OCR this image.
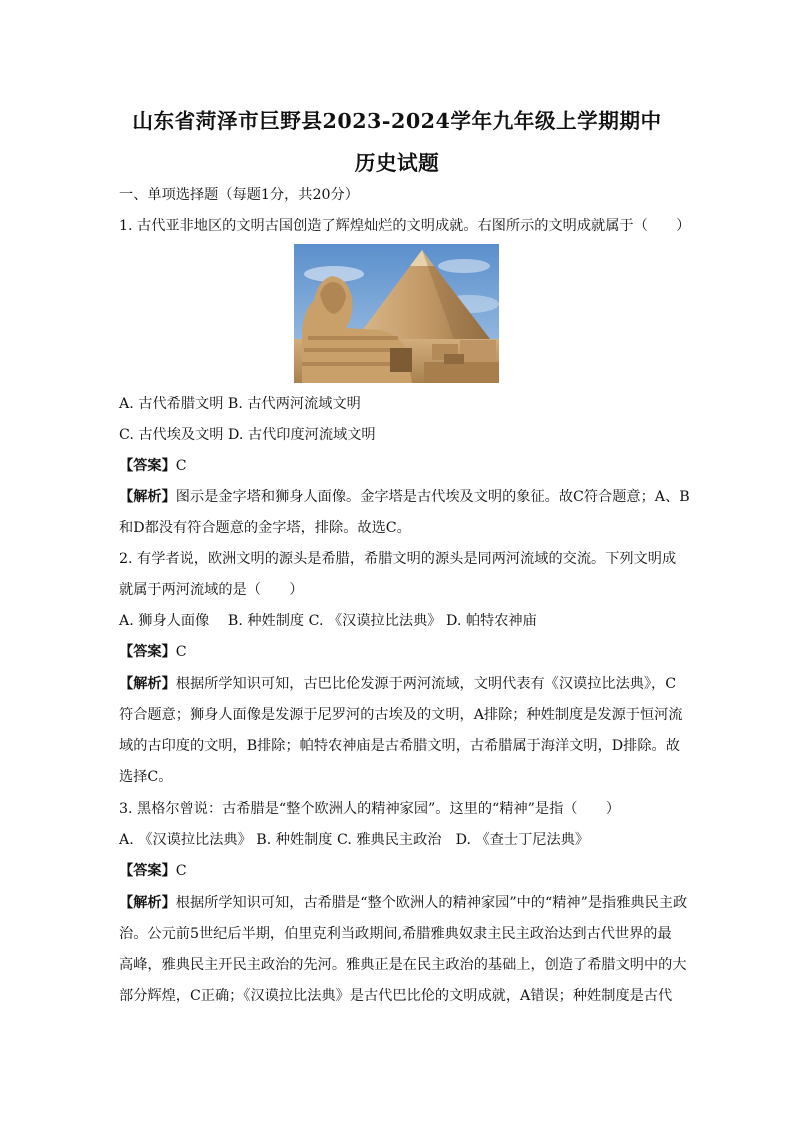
山东省菏泽市巨野县2023-2024学年九年级上学期期中
历史试题
一、单项选择题（每题1分，共20分）
1. 古代亚非地区的文明古国创造了辉煌灿烂的文明成就。右图所示的文明成就属于（　　）
A. 古代希腊文明 B. 古代两河流域文明
C. 古代埃及文明 D. 古代印度河流域文明
【答案】C
【解析】图示是金字塔和狮身人面像。金字塔是古代埃及文明的象征。故C符合题意；A、B
和D都没有符合题意的金字塔，排除。故选C。
2. 有学者说，欧洲文明的源头是希腊，希腊文明的源头是同两河流域的交流。下列文明成
就属于两河流域的是（　　）
A. 狮身人面像　 B. 种姓制度 C. 《汉谟拉比法典》 D. 帕特农神庙
【答案】C
【解析】根据所学知识可知，古巴比伦发源于两河流域，文明代表有《汉谟拉比法典》，C
符合题意；狮身人面像是发源于尼罗河的古埃及的文明，A排除；种姓制度是发源于恒河流
域的古印度的文明，B排除；帕特农神庙是古希腊文明，古希腊属于海洋文明，D排除。故
选择C。
3. 黑格尔曾说：古希腊是“整个欧洲人的精神家园”。这里的“精神”是指（　　）
A. 《汉谟拉比法典》 B. 种姓制度 C. 雅典民主政治　D. 《查士丁尼法典》
【答案】C
【解析】根据所学知识可知，古希腊是“整个欧洲人的精神家园”中的“精神”是指雅典民主政
治。公元前5世纪后半期，伯里克利当政期间,希腊雅典奴隶主民主政治达到古代世界的最
高峰，雅典民主开民主政治的先河。雅典正是在民主政治的基础上，创造了希腊文明中的大
部分辉煌，C正确；《汉谟拉比法典》是古代巴比伦的文明成就，A错误；种姓制度是古代
